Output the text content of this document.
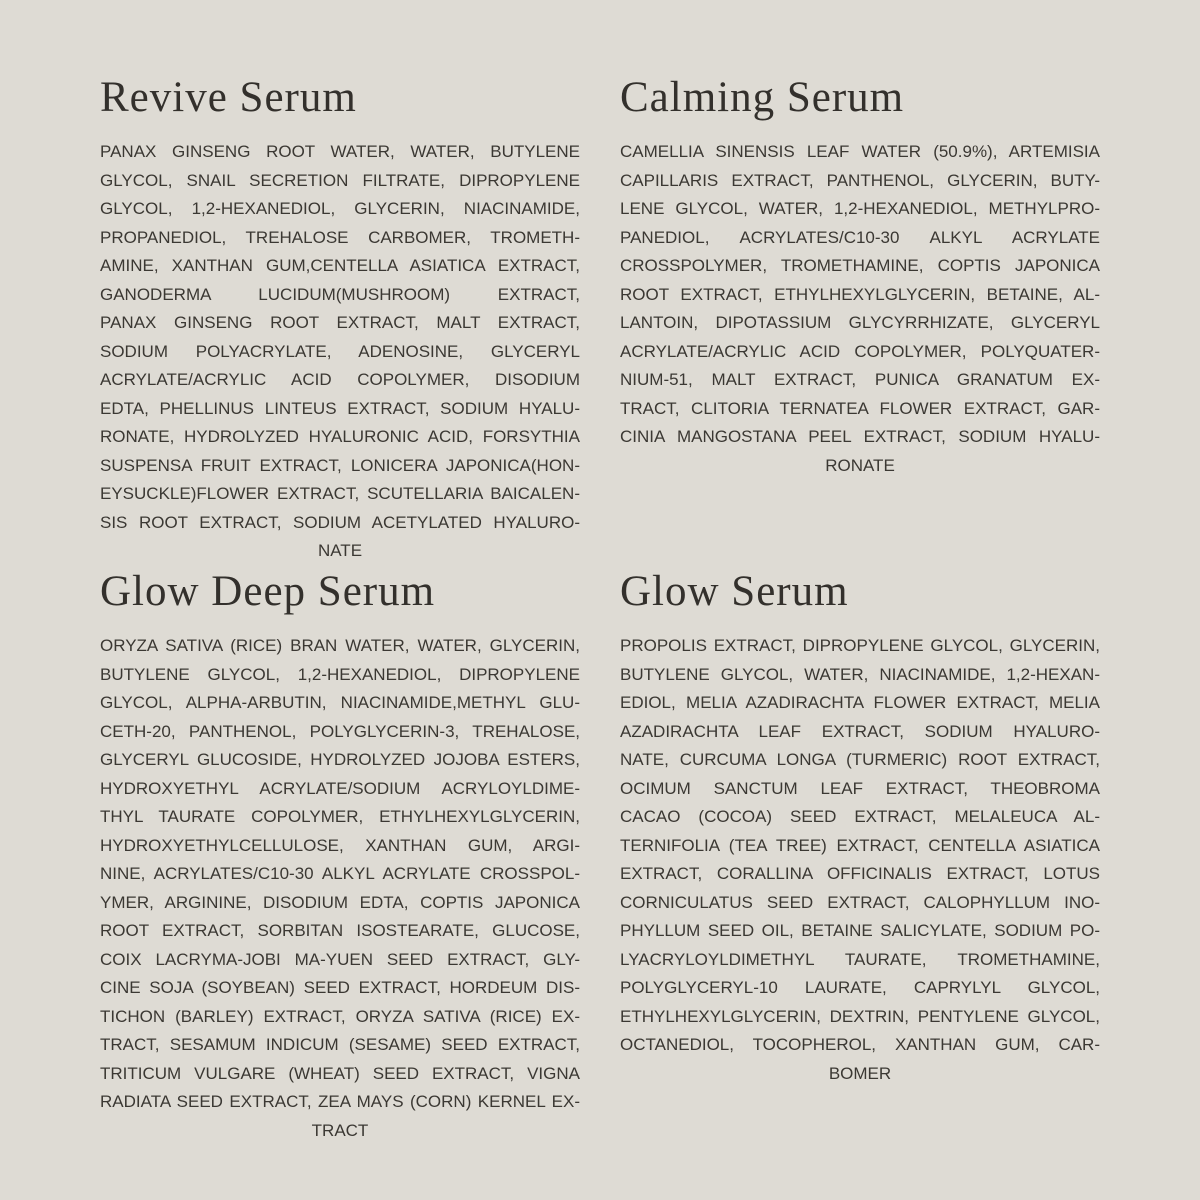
Revive Serum
PANAX GINSENG ROOT WATER, WATER, BUTYLENE
GLYCOL, SNAIL SECRETION FILTRATE, DIPROPYLENE
GLYCOL, 1,2-HEXANEDIOL, GLYCERIN, NIACINAMIDE,
PROPANEDIOL, TREHALOSE CARBOMER, TROMETH-
AMINE, XANTHAN GUM,CENTELLA ASIATICA EXTRACT,
GANODERMA LUCIDUM(MUSHROOM) EXTRACT,
PANAX GINSENG ROOT EXTRACT, MALT EXTRACT,
SODIUM POLYACRYLATE, ADENOSINE, GLYCERYL
ACRYLATE/ACRYLIC ACID COPOLYMER, DISODIUM
EDTA, PHELLINUS LINTEUS EXTRACT, SODIUM HYALU-
RONATE, HYDROLYZED HYALURONIC ACID, FORSYTHIA
SUSPENSA FRUIT EXTRACT, LONICERA JAPONICA(HON-
EYSUCKLE)FLOWER EXTRACT, SCUTELLARIA BAICALEN-
SIS ROOT EXTRACT, SODIUM ACETYLATED HYALURO-
NATE
Calming Serum
CAMELLIA SINENSIS LEAF WATER (50.9%), ARTEMISIA
CAPILLARIS EXTRACT, PANTHENOL, GLYCERIN, BUTY-
LENE GLYCOL, WATER, 1,2-HEXANEDIOL, METHYLPRO-
PANEDIOL, ACRYLATES/C10-30 ALKYL ACRYLATE
CROSSPOLYMER, TROMETHAMINE, COPTIS JAPONICA
ROOT EXTRACT, ETHYLHEXYLGLYCERIN, BETAINE, AL-
LANTOIN, DIPOTASSIUM GLYCYRRHIZATE, GLYCERYL
ACRYLATE/ACRYLIC ACID COPOLYMER, POLYQUATER-
NIUM-51, MALT EXTRACT, PUNICA GRANATUM EX-
TRACT, CLITORIA TERNATEA FLOWER EXTRACT, GAR-
CINIA MANGOSTANA PEEL EXTRACT, SODIUM HYALU-
RONATE
Glow Deep Serum
ORYZA SATIVA (RICE) BRAN WATER, WATER, GLYCERIN,
BUTYLENE GLYCOL, 1,2-HEXANEDIOL, DIPROPYLENE
GLYCOL, ALPHA-ARBUTIN, NIACINAMIDE,METHYL GLU-
CETH-20, PANTHENOL, POLYGLYCERIN-3, TREHALOSE,
GLYCERYL GLUCOSIDE, HYDROLYZED JOJOBA ESTERS,
HYDROXYETHYL ACRYLATE/SODIUM ACRYLOYLDIME-
THYL TAURATE COPOLYMER, ETHYLHEXYLGLYCERIN,
HYDROXYETHYLCELLULOSE, XANTHAN GUM, ARGI-
NINE, ACRYLATES/C10-30 ALKYL ACRYLATE CROSSPOL-
YMER, ARGININE, DISODIUM EDTA, COPTIS JAPONICA
ROOT EXTRACT, SORBITAN ISOSTEARATE, GLUCOSE,
COIX LACRYMA-JOBI MA-YUEN SEED EXTRACT, GLY-
CINE SOJA (SOYBEAN) SEED EXTRACT, HORDEUM DIS-
TICHON (BARLEY) EXTRACT, ORYZA SATIVA (RICE) EX-
TRACT, SESAMUM INDICUM (SESAME) SEED EXTRACT,
TRITICUM VULGARE (WHEAT) SEED EXTRACT, VIGNA
RADIATA SEED EXTRACT, ZEA MAYS (CORN) KERNEL EX-
TRACT
Glow Serum
PROPOLIS EXTRACT, DIPROPYLENE GLYCOL, GLYCERIN,
BUTYLENE GLYCOL, WATER, NIACINAMIDE, 1,2-HEXAN-
EDIOL, MELIA AZADIRACHTA FLOWER EXTRACT, MELIA
AZADIRACHTA LEAF EXTRACT, SODIUM HYALURO-
NATE, CURCUMA LONGA (TURMERIC) ROOT EXTRACT,
OCIMUM SANCTUM LEAF EXTRACT, THEOBROMA
CACAO (COCOA) SEED EXTRACT, MELALEUCA AL-
TERNIFOLIA (TEA TREE) EXTRACT, CENTELLA ASIATICA
EXTRACT, CORALLINA OFFICINALIS EXTRACT, LOTUS
CORNICULATUS SEED EXTRACT, CALOPHYLLUM INO-
PHYLLUM SEED OIL, BETAINE SALICYLATE, SODIUM PO-
LYACRYLOYLDIMETHYL TAURATE, TROMETHAMINE,
POLYGLYCERYL-10 LAURATE, CAPRYLYL GLYCOL,
ETHYLHEXYLGLYCERIN, DEXTRIN, PENTYLENE GLYCOL,
OCTANEDIOL, TOCOPHEROL, XANTHAN GUM, CAR-
BOMER
